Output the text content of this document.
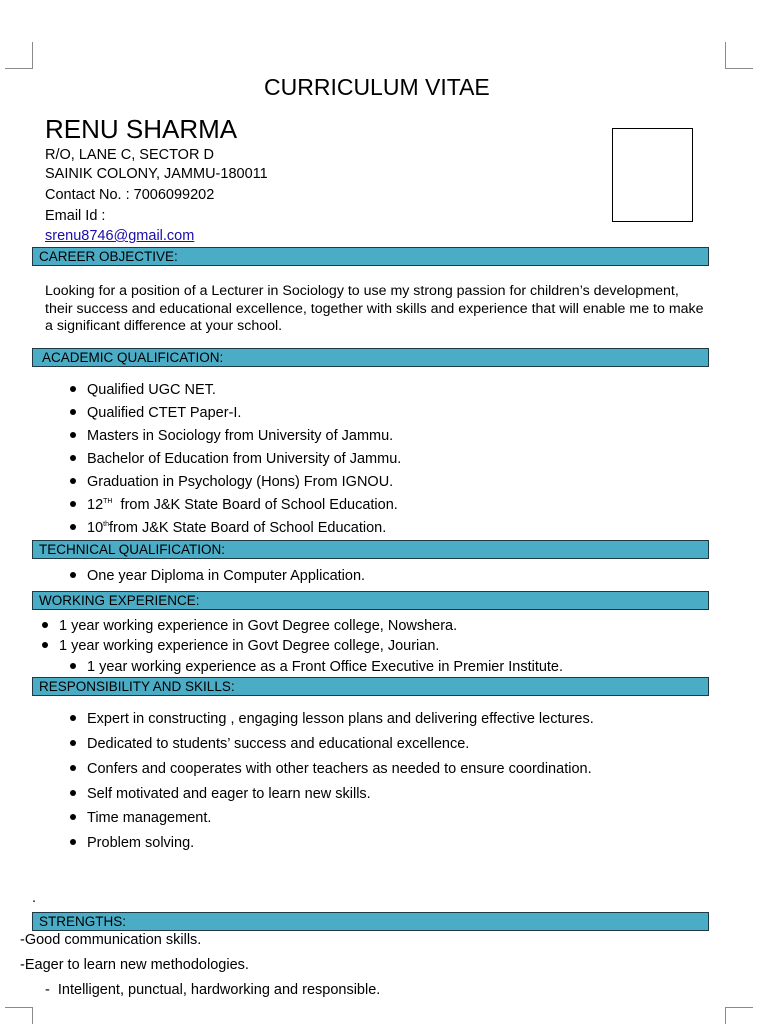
CURRICULUM VITAE
RENU SHARMA
R/O, LANE C, SECTOR D
SAINIK COLONY, JAMMU-180011
Contact No. : 7006099202
Email Id :
srenu8746@gmail.com
CAREER OBJECTIVE:
Looking for a position of a Lecturer in Sociology to use my strong passion for children’s development, their success and educational excellence, together with skills and experience that will enable me to make a significant difference at your school.
ACADEMIC QUALIFICATION:
Qualified UGC NET.
Qualified CTET Paper-I.
Masters in Sociology from University of Jammu.
Bachelor of Education from University of Jammu.
Graduation in Psychology (Hons) From IGNOU.
12TH  from J&K State Board of School Education.
10thfrom J&K State Board of School Education.
TECHNICAL QUALIFICATION:
One year Diploma in Computer Application.
WORKING EXPERIENCE:
1 year working experience in Govt Degree college, Nowshera.
1 year working experience in Govt Degree college, Jourian.
1 year working experience as a Front Office Executive in Premier Institute.
RESPONSIBILITY AND SKILLS:
Expert in constructing , engaging lesson plans and delivering effective lectures.
Dedicated to students’ success and educational excellence.
Confers and cooperates with other teachers as needed to ensure coordination.
Self motivated and eager to learn new skills.
Time management.
Problem solving.
.
STRENGTHS:
-Good communication skills.
-Eager to learn new methodologies.
-  Intelligent, punctual, hardworking and responsible.
